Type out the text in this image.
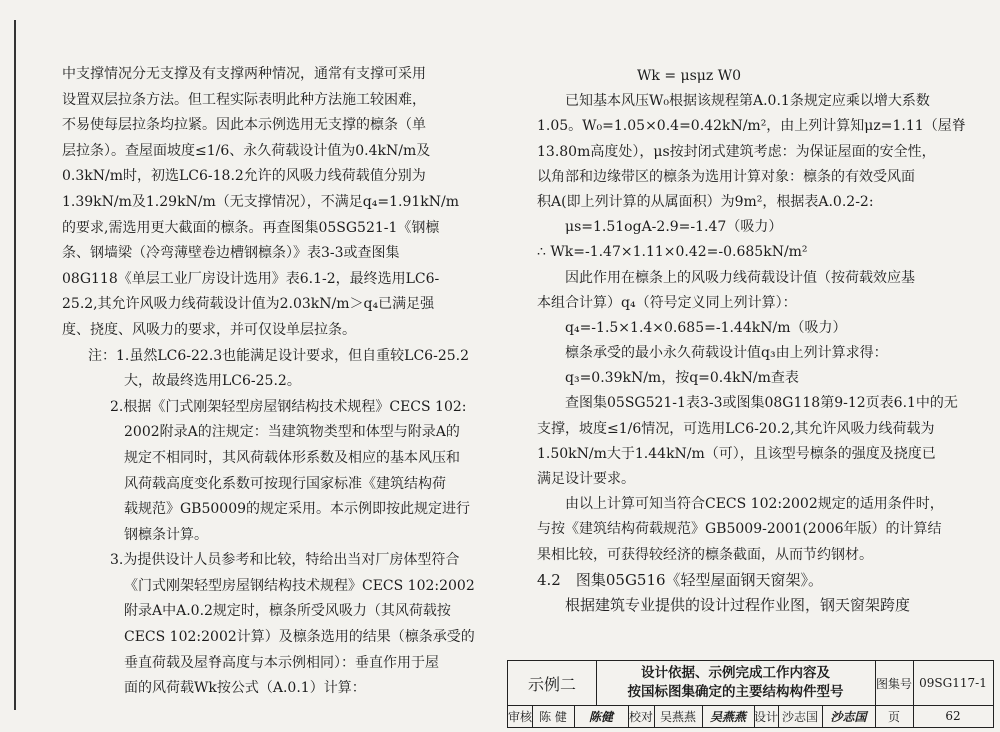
中支撑情况分无支撑及有支撑两种情况，通常有支撑可采用
设置双层拉条方法。但工程实际表明此种方法施工较困难，
不易使每层拉条均拉紧。因此本示例选用无支撑的檩条（单
层拉条）。查屋面坡度≤1/6、永久荷载设计值为0.4kN/m及
0.3kN/m时，初选LC6-18.2允许的风吸力线荷载值分别为
1.39kN/m及1.29kN/m（无支撑情况），不满足q₄=1.91kN/m
的要求,需选用更大截面的檩条。再查图集05SG521-1《钢檩
条、钢墙梁（冷弯薄壁卷边槽钢檩条）》表3-3或查图集
08G118《单层工业厂房设计选用》表6.1-2，最终选用LC6-
25.2,其允许风吸力线荷载设计值为2.03kN/m＞q₄已满足强
度、挠度、风吸力的要求，并可仅设单层拉条。
注：1.虽然LC6-22.3也能满足设计要求，但自重较LC6-25.2
大，故最终选用LC6-25.2。
2.根据《门式刚架轻型房屋钢结构技术规程》CECS 102:
2002附录A的注规定：当建筑物类型和体型与附录A的
规定不相同时，其风荷载体形系数及相应的基本风压和
风荷载高度变化系数可按现行国家标准《建筑结构荷
载规范》GB50009的规定采用。本示例即按此规定进行
钢檩条计算。
3.为提供设计人员参考和比较，特给出当对厂房体型符合
《门式刚架轻型房屋钢结构技术规程》CECS 102:2002
附录A中A.0.2规定时，檩条所受风吸力（其风荷载按
CECS 102:2002计算）及檩条选用的结果（檩条承受的
垂直荷载及屋脊高度与本示例相同）：垂直作用于屋
面的风荷载Wk按公式（A.0.1）计算：
Wk = μsμz W0
已知基本风压W₀根据该规程第A.0.1条规定应乘以增大系数
1.05。W₀=1.05×0.4=0.42kN/m²，由上列计算知μz=1.11（屋脊
13.80m高度处），μs按封闭式建筑考虑：为保证屋面的安全性，
以角部和边缘带区的檩条为选用计算对象：檩条的有效受风面
积A(即上列计算的从属面积）为9m²，根据表A.0.2-2:
μs=1.51ogA-2.9=-1.47（吸力）
∴ Wk=-1.47×1.11×0.42=-0.685kN/m²
因此作用在檩条上的风吸力线荷载设计值（按荷载效应基
本组合计算）q₄（符号定义同上列计算）：
q₄=-1.5×1.4×0.685=-1.44kN/m（吸力）
檩条承受的最小永久荷载设计值q₃由上列计算求得：
q₃=0.39kN/m，按q=0.4kN/m查表
查图集05SG521-1表3-3或图集08G118第9-12页表6.1中的无
支撑，坡度≤1/6情况，可选用LC6-20.2,其允许风吸力线荷载为
1.50kN/m大于1.44kN/m（可），且该型号檩条的强度及挠度已
满足设计要求。
由以上计算可知当符合CECS 102:2002规定的适用条件时，
与按《建筑结构荷载规范》GB5009-2001(2006年版）的计算结
果相比较，可获得较经济的檩条截面，从而节约钢材。
4.2　图集05G516《轻型屋面钢天窗架》。
根据建筑专业提供的设计过程作业图，钢天窗架跨度
示例二
设计依据、示例完成工作内容及
按国标图集确定的主要结构构件型号
图集号 09SG117-1
审核 陈 健	陈健	校对 吴燕燕	吴燕燕 设计 沙志国	沙志国	页	62
